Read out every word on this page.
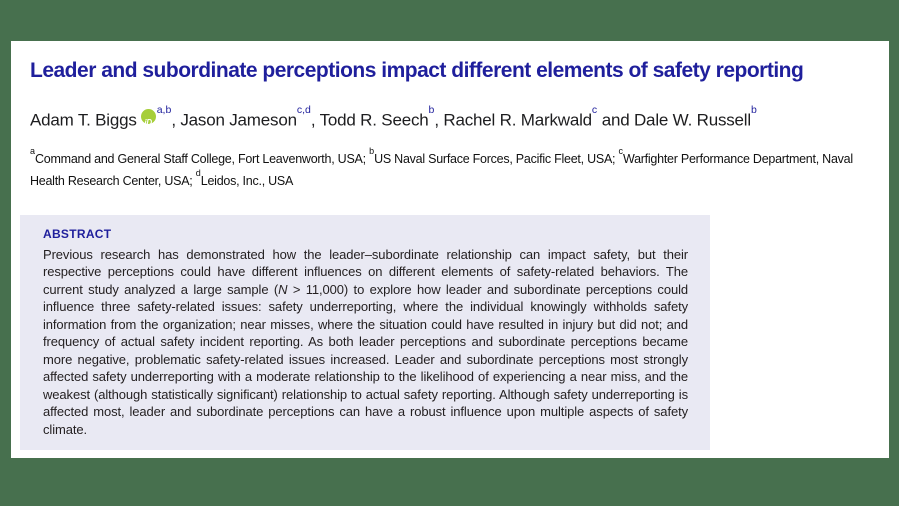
Leader and subordinate perceptions impact different elements of safety reporting

Adam T. Biggs iD$^{a,b}$, Jason Jameson$^{c,d}$, Todd R. Seech$^b$, Rachel R. Markwald$^c$ and Dale W. Russell$^b$

$^a$Command and General Staff College, Fort Leavenworth, USA; $^b$US Naval Surface Forces, Pacific Fleet, USA; $^c$Warfighter Performance Department, Naval Health Research Center, USA; $^d$Leidos, Inc., USA

ABSTRACT

Previous research has demonstrated how the leader–subordinate relationship can impact safety, but their respective perceptions could have different influences on different elements of safety-related behaviors. The current study analyzed a large sample (N > 11,000) to explore how leader and subordinate perceptions could influence three safety-related issues: safety underreporting, where the individual knowingly withholds safety information from the organization; near misses, where the situation could have resulted in injury but did not; and frequency of actual safety incident reporting. As both leader perceptions and subordinate perceptions became more negative, problematic safety-related issues increased. Leader and subordinate perceptions most strongly affected safety underreporting with a moderate relationship to the likelihood of experiencing a near miss, and the weakest (although statistically significant) relationship to actual safety reporting. Although safety underreporting is affected most, leader and subordinate perceptions can have a robust influence upon multiple aspects of safety climate.
